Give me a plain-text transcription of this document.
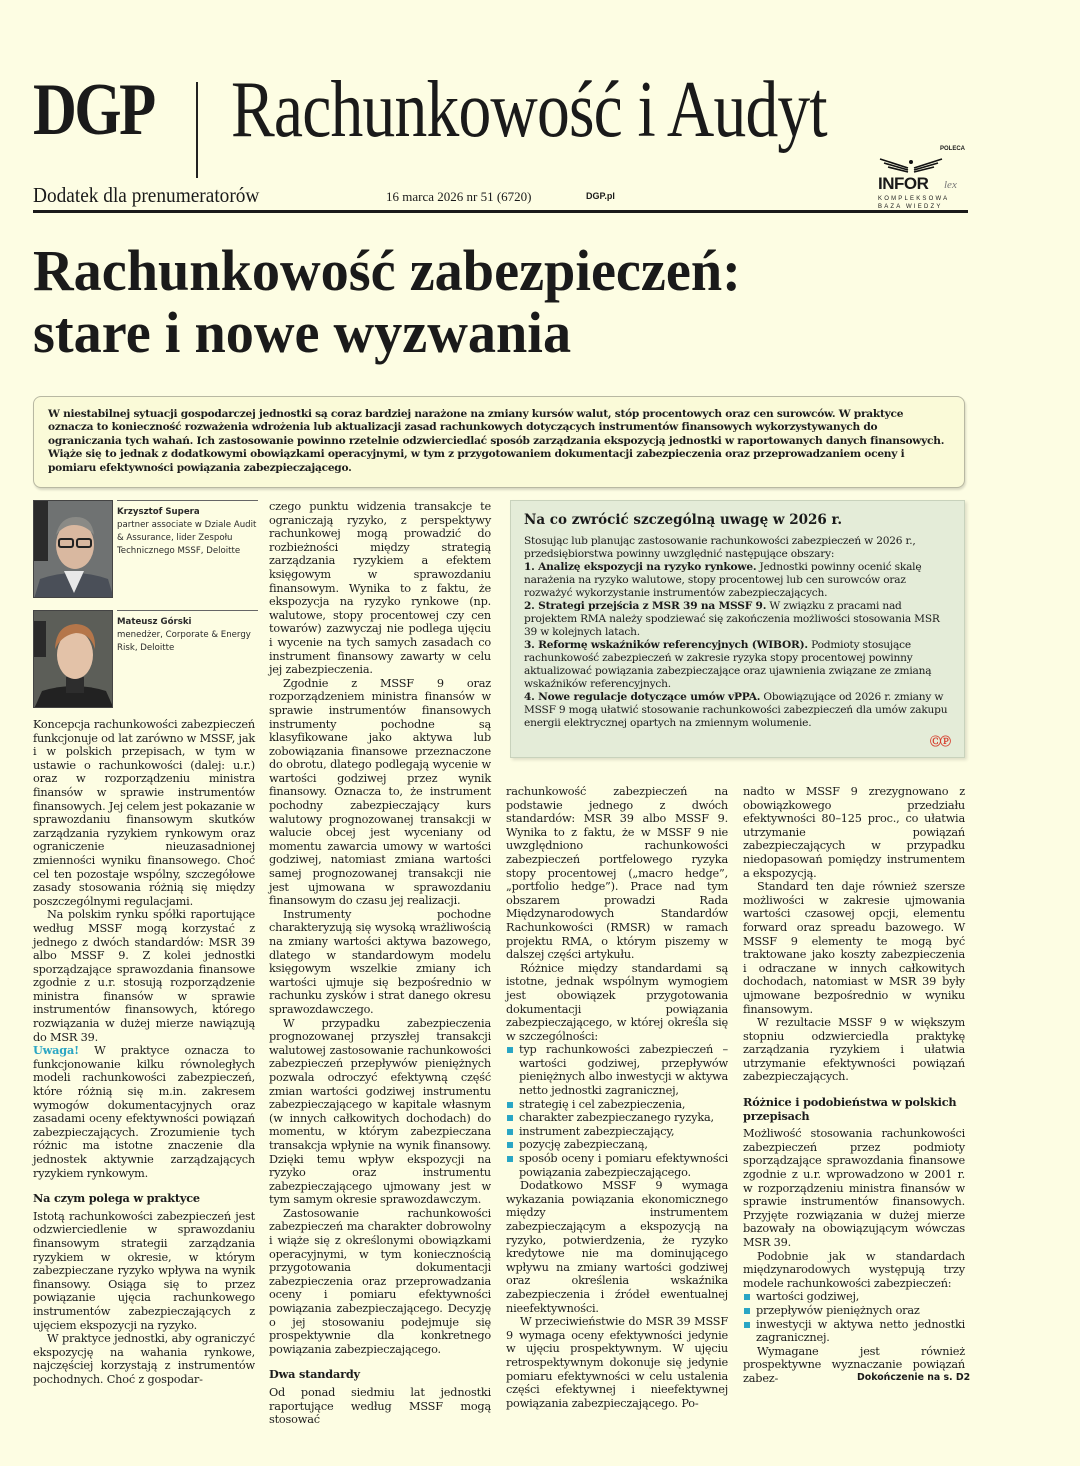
DGP Rachunkowość i Audyt
Dodatek dla prenumeratorów	16 marca 2026 nr 51 (6720)	DGP.pl
POLECA
INFOR lex
KOMPLEKSOWA
BAZA WIEDZY
Rachunkowość zabezpieczeń:
stare i nowe wyzwania

W niestabilnej sytuacji gospodarczej jednostki są coraz bardziej narażone na zmiany kursów walut, stóp procentowych oraz cen surowców. W praktyce oznacza to konieczność rozważenia wdrożenia lub aktualizacji zasad rachunkowych dotyczących instrumentów finansowych wykorzystywanych do ograniczania tych wahań. Ich zastosowanie powinno rzetelnie odzwierciedlać sposób zarządzania ekspozycją jednostki w raportowanych danych finansowych. Wiąże się to jednak z dodatkowymi obowiązkami operacyjnymi, w tym z przygotowaniem dokumentacji zabezpieczenia oraz przeprowadzaniem oceny i pomiaru efektywności powiązania zabezpieczającego.

Krzysztof Supera
partner associate w Dziale Audit & Assurance, lider Zespołu Technicznego MSSF, Deloitte
Mateusz Górski
menedżer, Corporate & Energy Risk, Deloitte

Koncepcja rachunkowości zabezpieczeń funkcjonuje od lat zarówno w MSSF, jak i w polskich przepisach, w tym w ustawie o rachunkowości (dalej: u.r.) oraz w rozporządzeniu ministra finansów w sprawie instrumentów finansowych. Jej celem jest pokazanie w sprawozdaniu finansowym skutków zarządzania ryzykiem rynkowym oraz ograniczenie nieuzasadnionej zmienności wyniku finansowego. Choć cel ten pozostaje wspólny, szczegółowe zasady stosowania różnią się między poszczególnymi regulacjami.

Na polskim rynku spółki raportujące według MSSF mogą korzystać z jednego z dwóch standardów: MSR 39 albo MSSF 9. Z kolei jednostki sporządzające sprawozdania finansowe zgodnie z u.r. stosują rozporządzenie ministra finansów w sprawie instrumentów finansowych, którego rozwiązania w dużej mierze nawiązują do MSR 39.

Uwaga! W praktyce oznacza to funkcjonowanie kilku równoległych modeli rachunkowości zabezpieczeń, które różnią się m.in. zakresem wymogów dokumentacyjnych oraz zasadami oceny efektywności powiązań zabezpieczających. Zrozumienie tych różnic ma istotne znaczenie dla jednostek aktywnie zarządzających ryzykiem rynkowym.

Na czym polega w praktyce

Istotą rachunkowości zabezpieczeń jest odzwierciedlenie w sprawozdaniu finansowym strategii zarządzania ryzykiem w okresie, w którym zabezpieczane ryzyko wpływa na wynik finansowy. Osiąga się to przez powiązanie ujęcia rachunkowego instrumentów zabezpieczających z ujęciem ekspozycji na ryzyko.

W praktyce jednostki, aby ograniczyć ekspozycję na wahania rynkowe, najczęściej korzystają z instrumentów pochodnych. Choć z gospodar-

czego punktu widzenia transakcje te ograniczają ryzyko, z perspektywy rachunkowej mogą prowadzić do rozbieżności między strategią zarządzania ryzykiem a efektem księgowym w sprawozdaniu finansowym. Wynika to z faktu, że ekspozycja na ryzyko rynkowe (np. walutowe, stopy procentowej czy cen towarów) zazwyczaj nie podlega ujęciu i wycenie na tych samych zasadach co instrument finansowy zawarty w celu jej zabezpieczenia.

Zgodnie z MSSF 9 oraz rozporządzeniem ministra finansów w sprawie instrumentów finansowych instrumenty pochodne są klasyfikowane jako aktywa lub zobowiązania finansowe przeznaczone do obrotu, dlatego podlegają wycenie w wartości godziwej przez wynik finansowy. Oznacza to, że instrument pochodny zabezpieczający kurs walutowy prognozowanej transakcji w walucie obcej jest wyceniany od momentu zawarcia umowy w wartości godziwej, natomiast zmiana wartości samej prognozowanej transakcji nie jest ujmowana w sprawozdaniu finansowym do czasu jej realizacji.

Instrumenty pochodne charakteryzują się wysoką wrażliwością na zmiany wartości aktywa bazowego, dlatego w standardowym modelu księgowym wszelkie zmiany ich wartości ujmuje się bezpośrednio w rachunku zysków i strat danego okresu sprawozdawczego.

W przypadku zabezpieczenia prognozowanej przyszłej transakcji walutowej zastosowanie rachunkowości zabezpieczeń przepływów pieniężnych pozwala odroczyć efektywną część zmian wartości godziwej instrumentu zabezpieczającego w kapitale własnym (w innych całkowitych dochodach) do momentu, w którym zabezpieczana transakcja wpłynie na wynik finansowy. Dzięki temu wpływ ekspozycji na ryzyko oraz instrumentu zabezpieczającego ujmowany jest w tym samym okresie sprawozdawczym.

Zastosowanie rachunkowości zabezpieczeń ma charakter dobrowolny i wiąże się z określonymi obowiązkami operacyjnymi, w tym koniecznością przygotowania dokumentacji zabezpieczenia oraz przeprowadzania oceny i pomiaru efektywności powiązania zabezpieczającego. Decyzję o jej stosowaniu podejmuje się prospektywnie dla konkretnego powiązania zabezpieczającego.

Dwa standardy

Od ponad siedmiu lat jednostki raportujące według MSSF mogą stosować

Na co zwrócić szczególną uwagę w 2026 r.

Stosując lub planując zastosowanie rachunkowości zabezpieczeń w 2026 r., przedsiębiorstwa powinny uwzględnić następujące obszary:

1. Analizę ekspozycji na ryzyko rynkowe. Jednostki powinny ocenić skalę narażenia na ryzyko walutowe, stopy procentowej lub cen surowców oraz rozważyć wykorzystanie instrumentów zabezpieczających.

2. Strategi przejścia z MSR 39 na MSSF 9. W związku z pracami nad projektem RMA należy spodziewać się zakończenia możliwości stosowania MSR 39 w kolejnych latach.

3. Reformę wskaźników referencyjnych (WIBOR). Podmioty stosujące rachunkowość zabezpieczeń w zakresie ryzyka stopy procentowej powinny aktualizować powiązania zabezpieczające oraz ujawnienia związane ze zmianą wskaźników referencyjnych.

4. Nowe regulacje dotyczące umów vPPA. Obowiązujące od 2026 r. zmiany w MSSF 9 mogą ułatwić stosowanie rachunkowości zabezpieczeń dla umów zakupu energii elektrycznej opartych na zmiennym wolumenie.

ⒸⓅ

rachunkowość zabezpieczeń na podstawie jednego z dwóch standardów: MSR 39 albo MSSF 9. Wynika to z faktu, że w MSSF 9 nie uwzględniono rachunkowości zabezpieczeń portfelowego ryzyka stopy procentowej („macro hedge”, „portfolio hedge”). Prace nad tym obszarem prowadzi Rada Międzynarodowych Standardów Rachunkowości (RMSR) w ramach projektu RMA, o którym piszemy w dalszej części artykułu.

Różnice między standardami są istotne, jednak wspólnym wymogiem jest obowiązek przygotowania dokumentacji powiązania zabezpieczającego, w której określa się w szczególności:

typ rachunkowości zabezpieczeń – wartości godziwej, przepływów pieniężnych albo inwestycji w aktywa netto jednostki zagranicznej,
strategię i cel zabezpieczenia,
charakter zabezpieczanego ryzyka,
instrument zabezpieczający,
pozycję zabezpieczaną,
sposób oceny i pomiaru efektywności powiązania zabezpieczającego.

Dodatkowo MSSF 9 wymaga wykazania powiązania ekonomicznego między instrumentem zabezpieczającym a ekspozycją na ryzyko, potwierdzenia, że ryzyko kredytowe nie ma dominującego wpływu na zmiany wartości godziwej oraz określenia wskaźnika zabezpieczenia i źródeł ewentualnej nieefektywności.

W przeciwieństwie do MSR 39 MSSF 9 wymaga oceny efektywności jedynie w ujęciu prospektywnym. W ujęciu retrospektywnym dokonuje się jedynie pomiaru efektywności w celu ustalenia części efektywnej i nieefektywnej powiązania zabezpieczającego. Po-

nadto w MSSF 9 zrezygnowano z obowiązkowego przedziału efektywności 80–125 proc., co ułatwia utrzymanie powiązań zabezpieczających w przypadku niedopasowań pomiędzy instrumentem a ekspozycją.

Standard ten daje również szersze możliwości w zakresie ujmowania wartości czasowej opcji, elementu forward oraz spreadu bazowego. W MSSF 9 elementy te mogą być traktowane jako koszty zabezpieczenia i odraczane w innych całkowitych dochodach, natomiast w MSR 39 były ujmowane bezpośrednio w wyniku finansowym.

W rezultacie MSSF 9 w większym stopniu odzwierciedla praktykę zarządzania ryzykiem i ułatwia utrzymanie efektywności powiązań zabezpieczających.

Różnice i podobieństwa w polskich przepisach

Możliwość stosowania rachunkowości zabezpieczeń przez podmioty sporządzające sprawozdania finansowe zgodnie z u.r. wprowadzono w 2001 r. w rozporządzeniu ministra finansów w sprawie instrumentów finansowych. Przyjęte rozwiązania w dużej mierze bazowały na obowiązującym wówczas MSR 39.

Podobnie jak w standardach międzynarodowych występują trzy modele rachunkowości zabezpieczeń:

wartości godziwej,
przepływów pieniężnych oraz
inwestycji w aktywa netto jednostki zagranicznej.

Wymagane jest również prospektywne wyznaczanie powiązań zabez-	Dokończenie na s. D2
